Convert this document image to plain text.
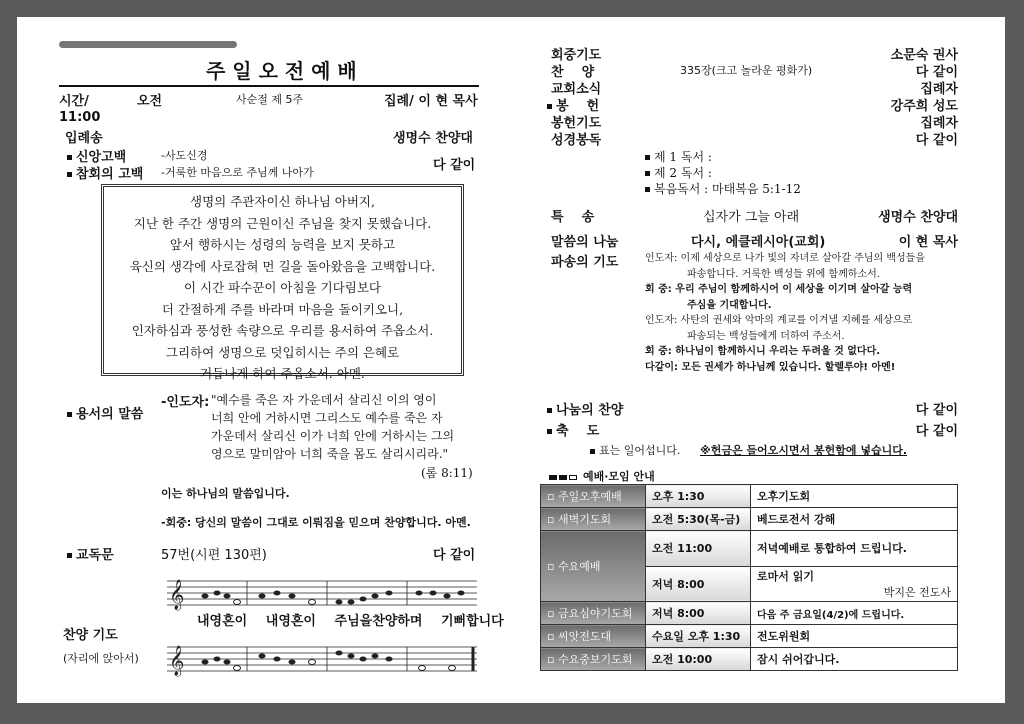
주 일 오 전 예 배
시간/	오전	사순절 제 5주	집례/ 이 현 목사
11:00
입례송	생명수 찬양대
신앙고백	-사도신경
참회의 고백 -거룩한 마음으로 주님께 나아가	다 같이
생명의 주관자이신 하나님 아버지,
지난 한 주간 생명의 근원이신 주님을 찾지 못했습니다.
앞서 행하시는 성령의 능력을 보지 못하고
육신의 생각에 사로잡혀 먼 길을 돌아왔음을 고백합니다.
이 시간 파수꾼이 아침을 기다림보다
더 간절하게 주를 바라며 마음을 돌이키오니,
인자하심과 풍성한 속량으로 우리를 용서하여 주옵소서.
그리하여 생명으로 덧입히시는 주의 은혜로
거듭나게 하여 주옵소서. 아멘.
용서의 말씀
-인도자: "예수를 죽은 자 가운데서 살리신 이의 영이
너희 안에 거하시면 그리스도 예수를 죽은 자
가운데서 살리신 이가 너희 안에 거하시는 그의
영으로 말미암아 너희 죽을 몸도 살리시리라."
(롬 8:11)
이는 하나님의 말씀입니다.
-회중: 당신의 말씀이 그대로 이뤄짐을 믿으며 찬양합니다. 아멘.
교독문	57번(시편 130편)	다 같이
𝄞
내영혼이 내영혼이 주님을찬양하며 기뻐합니다
찬양 기도
(자리에 앉아서) 𝄞
회중기도	소문숙 권사
찬    양	335장(크고 놀라운 평화가)	다 같이
교회소식	집례자
봉    헌	강주희 성도
봉헌기도	집례자
성경봉독	다 같이
제 1 독서 :
제 2 독서 :
복음독서 : 마태복음 5:1-12
특    송	십자가 그늘 아래	생명수 찬양대
말씀의 나눔	다시, 에클레시아(교회)	이 현 목사
파송의 기도	인도자: 이제 세상으로 나가 빛의 자녀로 살아갈 주님의 백성들을
파송합니다. 거룩한 백성들 위에 함께하소서.
회 중: 우리 주님이 함께하시어 이 세상을 이기며 살아갈 능력
주심을 기대합니다.
인도자: 사탄의 권세와 악마의 계교를 이겨낼 지혜를 세상으로
파송되는 백성들에게 더하여 주소서.
회 중: 하나님이 함께하시니 우리는 두려울 것 없다다.
다같이: 모든 권세가 하나님께 있습니다. 할렐루야! 아멘!
나눔의 찬양	다 같이
축    도	다 같이
표는 일어섭니다. ※헌금은 들어오시면서 봉헌함에 넣습니다.
예배·모임 안내
▫ 주일오후예배	오후 1:30	오후기도회
▫ 새벽기도회	오전 5:30(목-금)	베드로전서 강해
▫ 수요예배	오전 11:00	저녁예배로 통합하여 드립니다.
	저녁 8:00	로마서 읽기
박지은 전도사

▫ 금요심야기도회	저녁 8:00	다음 주 금요일(4/2)에 드립니다.
▫ 씨앗전도대	수요일 오후 1:30	전도위원회
▫ 수요중보기도회	오전 10:00	잠시 쉬어갑니다.
